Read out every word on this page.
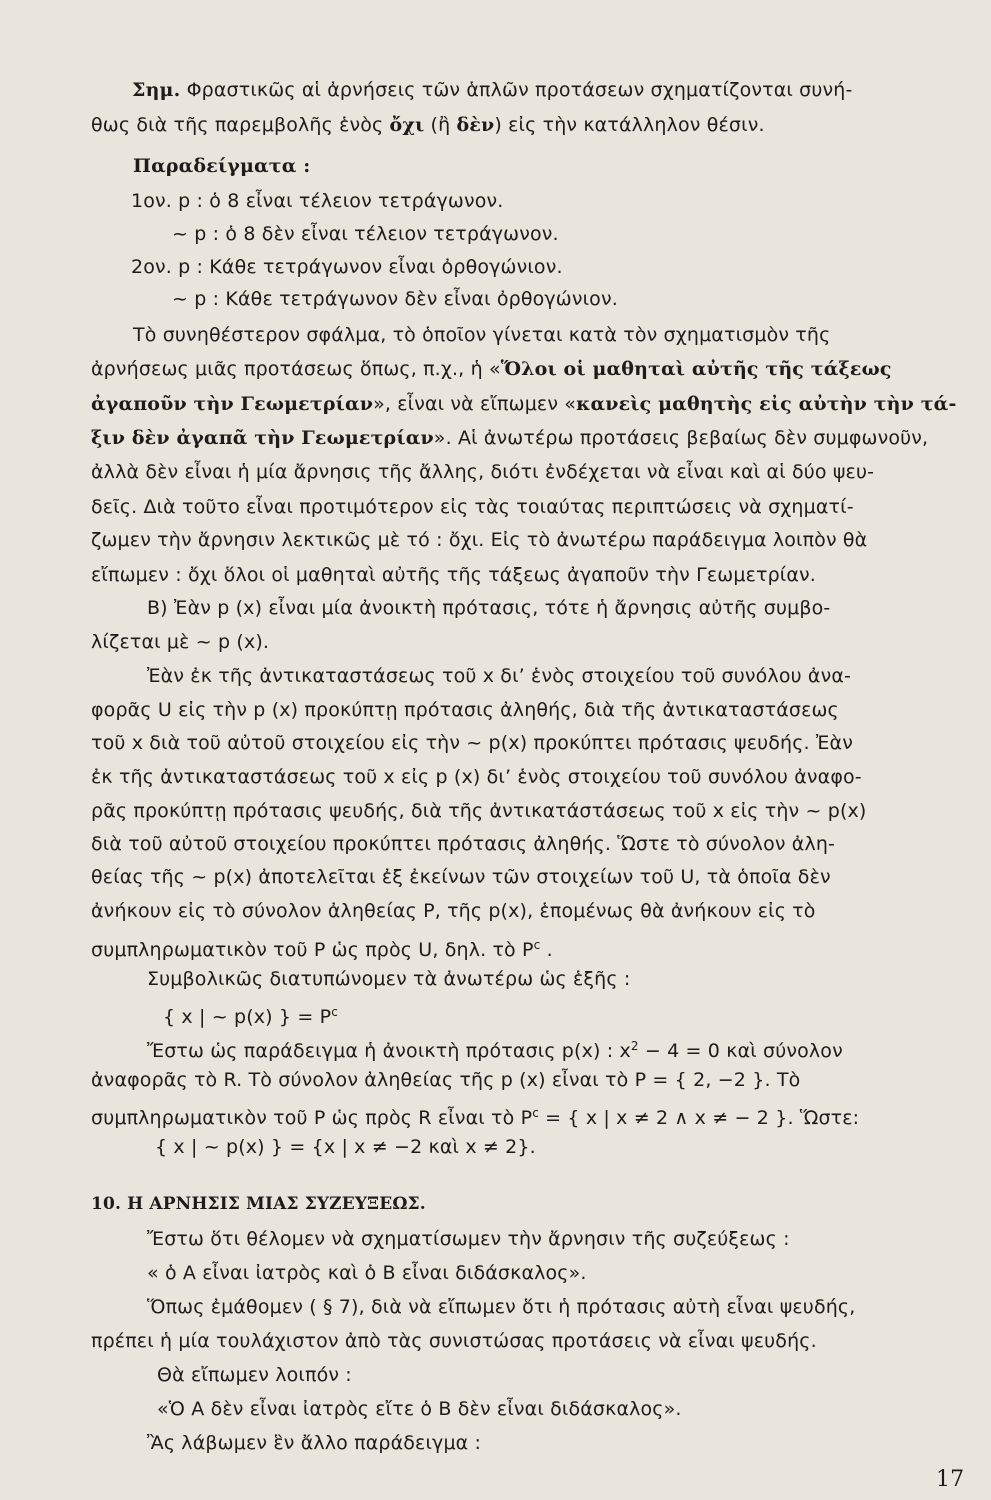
Σημ. Φραστικῶς αἱ ἀρνήσεις τῶν ἁπλῶν προτάσεων σχηματίζονται συνή-

θως διὰ τῆς παρεμβολῆς ἑνὸς ὄχι (ἢ δὲν) εἰς τὴν κατάλληλον θέσιν.

Παραδείγματα :

1ον. p : ὁ 8 εἶναι τέλειον τετράγωνον.

~ p : ὁ 8 δὲν εἶναι τέλειον τετράγωνον.

2ον. p : Κάθε τετράγωνον εἶναι ὀρθογώνιον.

~ p : Κάθε τετράγωνον δὲν εἶναι ὀρθογώνιον.

Τὸ συνηθέστερον σφάλμα, τὸ ὁποῖον γίνεται κατὰ τὸν σχηματισμὸν τῆς

ἀρνήσεως μιᾶς προτάσεως ὅπως, π.χ., ἡ «Ὅλοι οἱ μαθηταὶ αὐτῆς τῆς τάξεως

ἀγαποῦν τὴν Γεωμετρίαν», εἶναι νὰ εἴπωμεν «κανεὶς μαθητὴς εἰς αὐτὴν τὴν τά-

ξιν δὲν ἀγαπᾶ τὴν Γεωμετρίαν». Αἱ ἀνωτέρω προτάσεις βεβαίως δὲν συμφωνοῦν,

ἀλλὰ δὲν εἶναι ἡ μία ἄρνησις τῆς ἄλλης, διότι ἐνδέχεται νὰ εἶναι καὶ αἱ δύο ψευ-

δεῖς. Διὰ τοῦτο εἶναι προτιμότερον εἰς τὰς τοιαύτας περιπτώσεις νὰ σχηματί-

ζωμεν τὴν ἄρνησιν λεκτικῶς μὲ τό : ὄχι. Εἰς τὸ ἀνωτέρω παράδειγμα λοιπὸν θὰ

εἴπωμεν : ὄχι ὅλοι οἱ μαθηταὶ αὐτῆς τῆς τάξεως ἀγαποῦν τὴν Γεωμετρίαν.

Β) Ἐὰν p (x) εἶναι μία ἀνοικτὴ πρότασις, τότε ἡ ἄρνησις αὐτῆς συμβο-

λίζεται μὲ ~ p (x).

Ἐὰν ἐκ τῆς ἀντικαταστάσεως τοῦ x δι’ ἑνὸς στοιχείου τοῦ συνόλου ἀνα-

φορᾶς U εἰς τὴν p (x) προκύπτῃ πρότασις ἀληθής, διὰ τῆς ἀντικαταστάσεως

τοῦ x διὰ τοῦ αὐτοῦ στοιχείου εἰς τὴν ~ p(x) προκύπτει πρότασις ψευδής. Ἐὰν

ἐκ τῆς ἀντικαταστάσεως τοῦ x εἰς p (x) δι’ ἑνὸς στοιχείου τοῦ συνόλου ἀναφο-

ρᾶς προκύπτῃ πρότασις ψευδής, διὰ τῆς ἀντικατάστάσεως τοῦ x εἰς τὴν ~ p(x)

διὰ τοῦ αὐτοῦ στοιχείου προκύπτει πρότασις ἀληθής. Ὥστε τὸ σύνολον ἀλη-

θείας τῆς ~ p(x) ἀποτελεῖται ἐξ ἐκείνων τῶν στοιχείων τοῦ U, τὰ ὁποῖα δὲν

ἀνήκουν εἰς τὸ σύνολον ἀληθείας P, τῆς p(x), ἑπομένως θὰ ἀνήκουν εἰς τὸ

συμπληρωματικὸν τοῦ P ὡς πρὸς U, δηλ. τὸ $P^c$ .

Συμβολικῶς διατυπώνομεν τὰ ἀνωτέρω ὡς ἑξῆς :

{ x | ~ p(x) } = $P^c$

Ἔστω ὡς παράδειγμα ἡ ἀνοικτὴ πρότασις p(x) : $x^2 - 4 = 0$ καὶ σύνολον

ἀναφορᾶς τὸ R. Τὸ σύνολον ἀληθείας τῆς p (x) εἶναι τὸ P = { 2, −2 }. Τὸ

συμπληρωματικὸν τοῦ P ὡς πρὸς R εἶναι τὸ $P^c$ = { x | x ≠ 2 ∧ x ≠ − 2 }. Ὥστε:

{ x | ~ p(x) } = {x | x ≠ −2 καὶ x ≠ 2}.

10. Η ΑΡΝΗΣΙΣ ΜΙΑΣ ΣΥΖΕΥΞΕΩΣ.

Ἔστω ὅτι θέλομεν νὰ σχηματίσωμεν τὴν ἄρνησιν τῆς συζεύξεως :

« ὁ Α εἶναι ἰατρὸς καὶ ὁ Β εἶναι διδάσκαλος».

Ὅπως ἐμάθομεν ( § 7), διὰ νὰ εἴπωμεν ὅτι ἡ πρότασις αὐτὴ εἶναι ψευδής,

πρέπει ἡ μία τουλάχιστον ἀπὸ τὰς συνιστώσας προτάσεις νὰ εἶναι ψευδής.

Θὰ εἴπωμεν λοιπόν :

«Ὁ Α δὲν εἶναι ἰατρὸς εἴτε ὁ Β δὲν εἶναι διδάσκαλος».

Ἂς λάβωμεν ἓν ἄλλο παράδειγμα :

17
